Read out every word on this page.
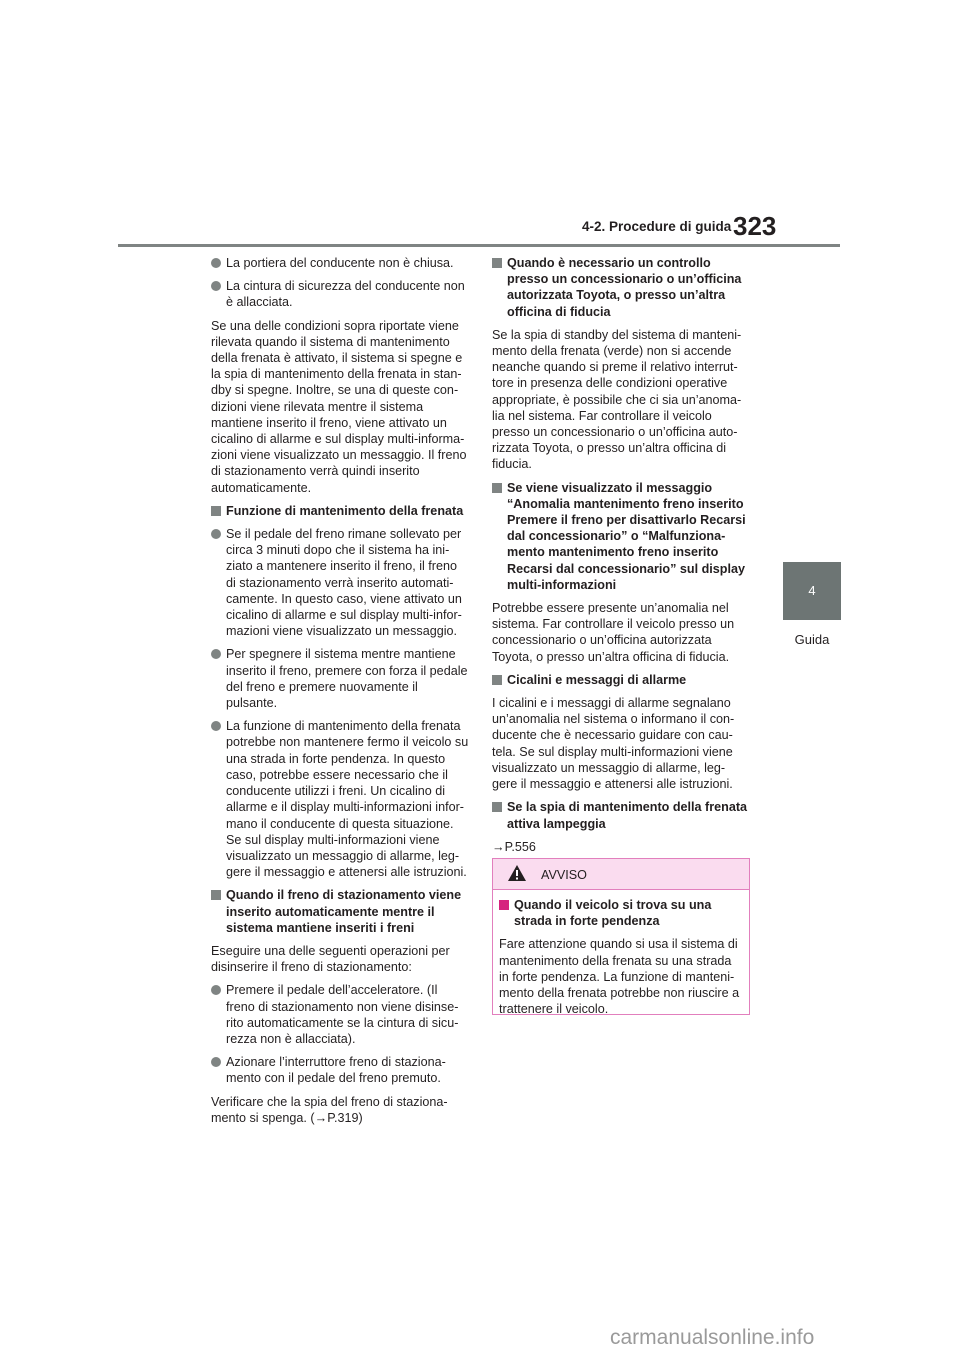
4-2. Procedure di guida 323
4
Guida
La portiera del conducente non è chiusa.
La cintura di sicurezza del conducente non è allacciata.

Se una delle condizioni sopra riportate viene rilevata quando il sistema di mantenimento della frenata è attivato, il sistema si spegne e la spia di mantenimento della frenata in stan-dby si spegne. Inoltre, se una di queste con-dizioni viene rilevata mentre il sistema mantiene inserito il freno, viene attivato un cicalino di allarme e sul display multi-informa-zioni viene visualizzato un messaggio. Il freno di stazionamento verrà quindi inserito automaticamente.

Funzione di mantenimento della frenata
Se il pedale del freno rimane sollevato per circa 3 minuti dopo che il sistema ha ini-ziato a mantenere inserito il freno, il freno di stazionamento verrà inserito automati-camente. In questo caso, viene attivato un cicalino di allarme e sul display multi-infor-mazioni viene visualizzato un messaggio.
Per spegnere il sistema mentre mantiene inserito il freno, premere con forza il pedale del freno e premere nuovamente il pulsante.
La funzione di mantenimento della frenata potrebbe non mantenere fermo il veicolo su una strada in forte pendenza. In questo caso, potrebbe essere necessario che il conducente utilizzi i freni. Un cicalino di allarme e il display multi-informazioni infor-mano il conducente di questa situazione. Se sul display multi-informazioni viene visualizzato un messaggio di allarme, leg-gere il messaggio e attenersi alle istruzioni.
Quando il freno di stazionamento viene inserito automaticamente mentre il sistema mantiene inseriti i freni

Eseguire una delle seguenti operazioni per disinserire il freno di stazionamento:

Premere il pedale dell’acceleratore. (Il freno di stazionamento non viene disinse-rito automaticamente se la cintura di sicu-rezza non è allacciata).
Azionare l’interruttore freno di staziona-mento con il pedale del freno premuto.

Verificare che la spia del freno di staziona-mento si spenga. (→P.319)

Quando è necessario un controllo presso un concessionario o un’officina autorizzata Toyota, o presso un’altra officina di fiducia

Se la spia di standby del sistema di manteni-mento della frenata (verde) non si accende neanche quando si preme il relativo interrut-tore in presenza delle condizioni operative appropriate, è possibile che ci sia un’anoma-lia nel sistema. Far controllare il veicolo presso un concessionario o un’officina auto-rizzata Toyota, o presso un’altra officina di fiducia.

Se viene visualizzato il messaggio “Anomalia mantenimento freno inserito Premere il freno per disattivarlo Recarsi dal concessionario” o “Malfunziona-mento mantenimento freno inserito Recarsi dal concessionario” sul display multi-informazioni

Potrebbe essere presente un’anomalia nel sistema. Far controllare il veicolo presso un concessionario o un’officina autorizzata Toyota, o presso un’altra officina di fiducia.

Cicalini e messaggi di allarme

I cicalini e i messaggi di allarme segnalano un’anomalia nel sistema o informano il con-ducente che è necessario guidare con cau-tela. Se sul display multi-informazioni viene visualizzato un messaggio di allarme, leg-gere il messaggio e attenersi alle istruzioni.

Se la spia di mantenimento della frenata attiva lampeggia

→P.556

AVVISO
Quando il veicolo si trova su una strada in forte pendenza

Fare attenzione quando si usa il sistema di mantenimento della frenata su una strada in forte pendenza. La funzione di manteni-mento della frenata potrebbe non riuscire a trattenere il veicolo.

carmanualsonline.info
